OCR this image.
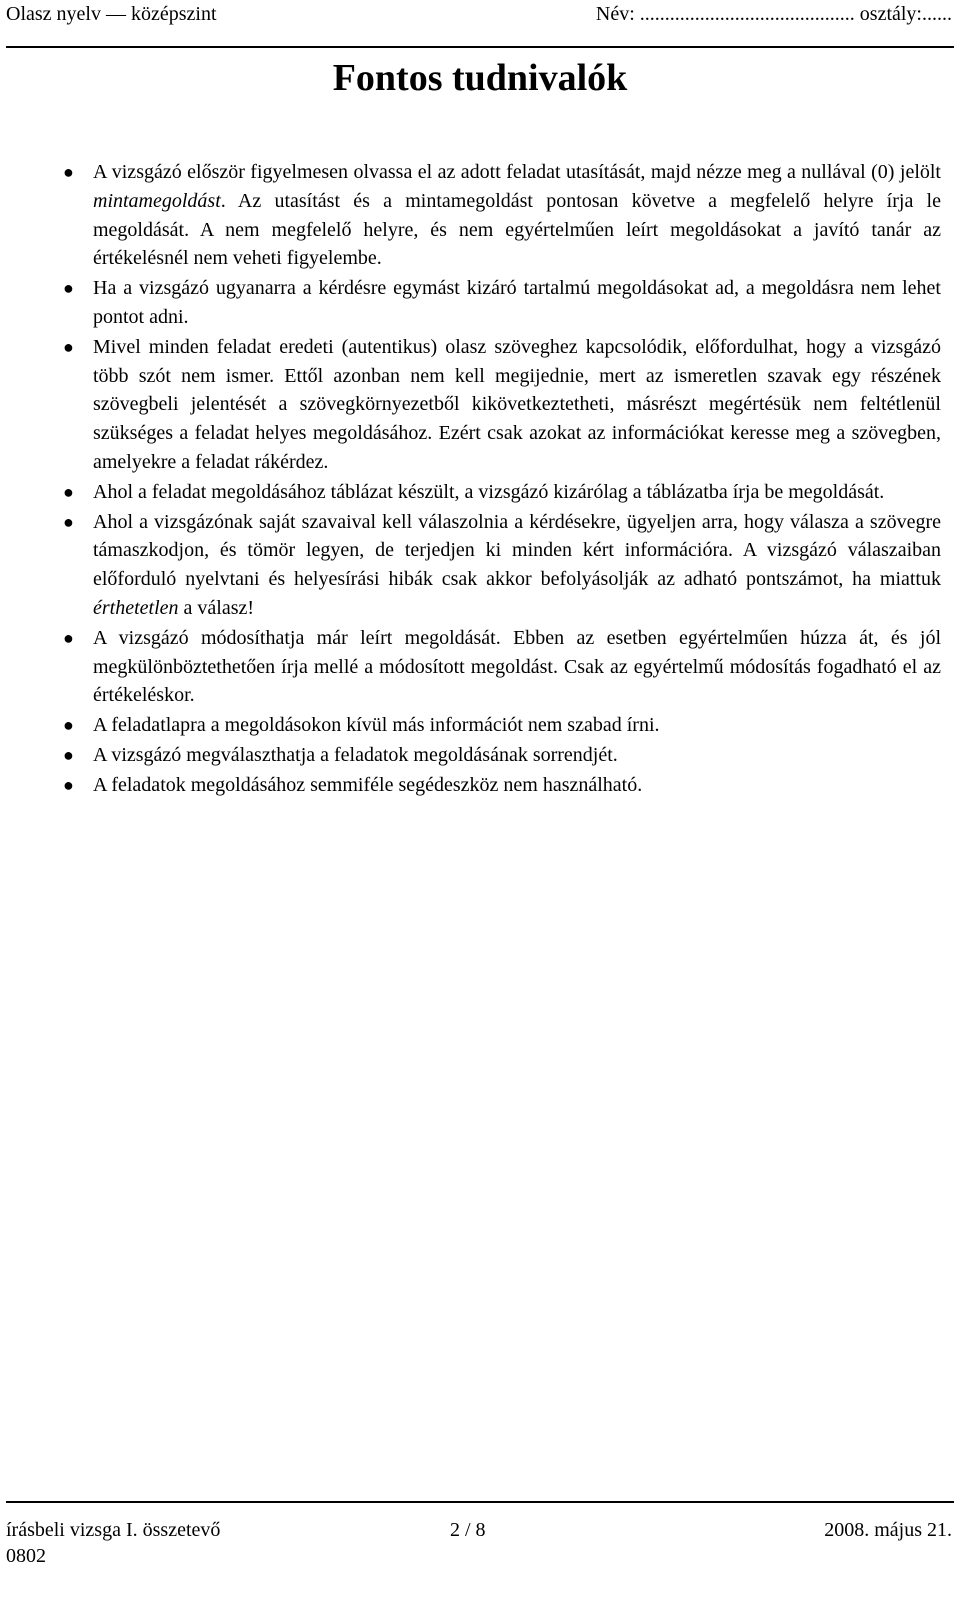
Olasz nyelv — középszint	Név: ........................................... osztály:......
Fontos tudnivalók
● A vizsgázó először figyelmesen olvassa el az adott feladat utasítását, majd nézze meg a nullával (0) jelölt mintamegoldást. Az utasítást és a mintamegoldást pontosan követve a megfelelő helyre írja le megoldását. A nem megfelelő helyre, és nem egyértelműen leírt megoldásokat a javító tanár az értékelésnél nem veheti figyelembe.
● Ha a vizsgázó ugyanarra a kérdésre egymást kizáró tartalmú megoldásokat ad, a megoldásra nem lehet pontot adni.
● Mivel minden feladat eredeti (autentikus) olasz szöveghez kapcsolódik, előfordulhat, hogy a vizsgázó több szót nem ismer. Ettől azonban nem kell megijednie, mert az ismeretlen szavak egy részének szövegbeli jelentését a szövegkörnyezetből kikövetkeztetheti, másrészt megértésük nem feltétlenül szükséges a feladat helyes megoldásához. Ezért csak azokat az információkat keresse meg a szövegben, amelyekre a feladat rákérdez.
● Ahol a feladat megoldásához táblázat készült, a vizsgázó kizárólag a táblázatba írja be megoldását.
● Ahol a vizsgázónak saját szavaival kell válaszolnia a kérdésekre, ügyeljen arra, hogy válasza a szövegre támaszkodjon, és tömör legyen, de terjedjen ki minden kért információra. A vizsgázó válaszaiban előforduló nyelvtani és helyesírási hibák csak akkor befolyásolják az adható pontszámot, ha miattuk érthetetlen a válasz!
● A vizsgázó módosíthatja már leírt megoldását. Ebben az esetben egyértelműen húzza át, és jól megkülönböztethetően írja mellé a módosított megoldást. Csak az egyértelmű módosítás fogadható el az értékeléskor.
● A feladatlapra a megoldásokon kívül más információt nem szabad írni.
● A vizsgázó megválaszthatja a feladatok megoldásának sorrendjét.
● A feladatok megoldásához semmiféle segédeszköz nem használható.
írásbeli vizsga I. összetevő	2 / 8	2008. május 21.
0802
